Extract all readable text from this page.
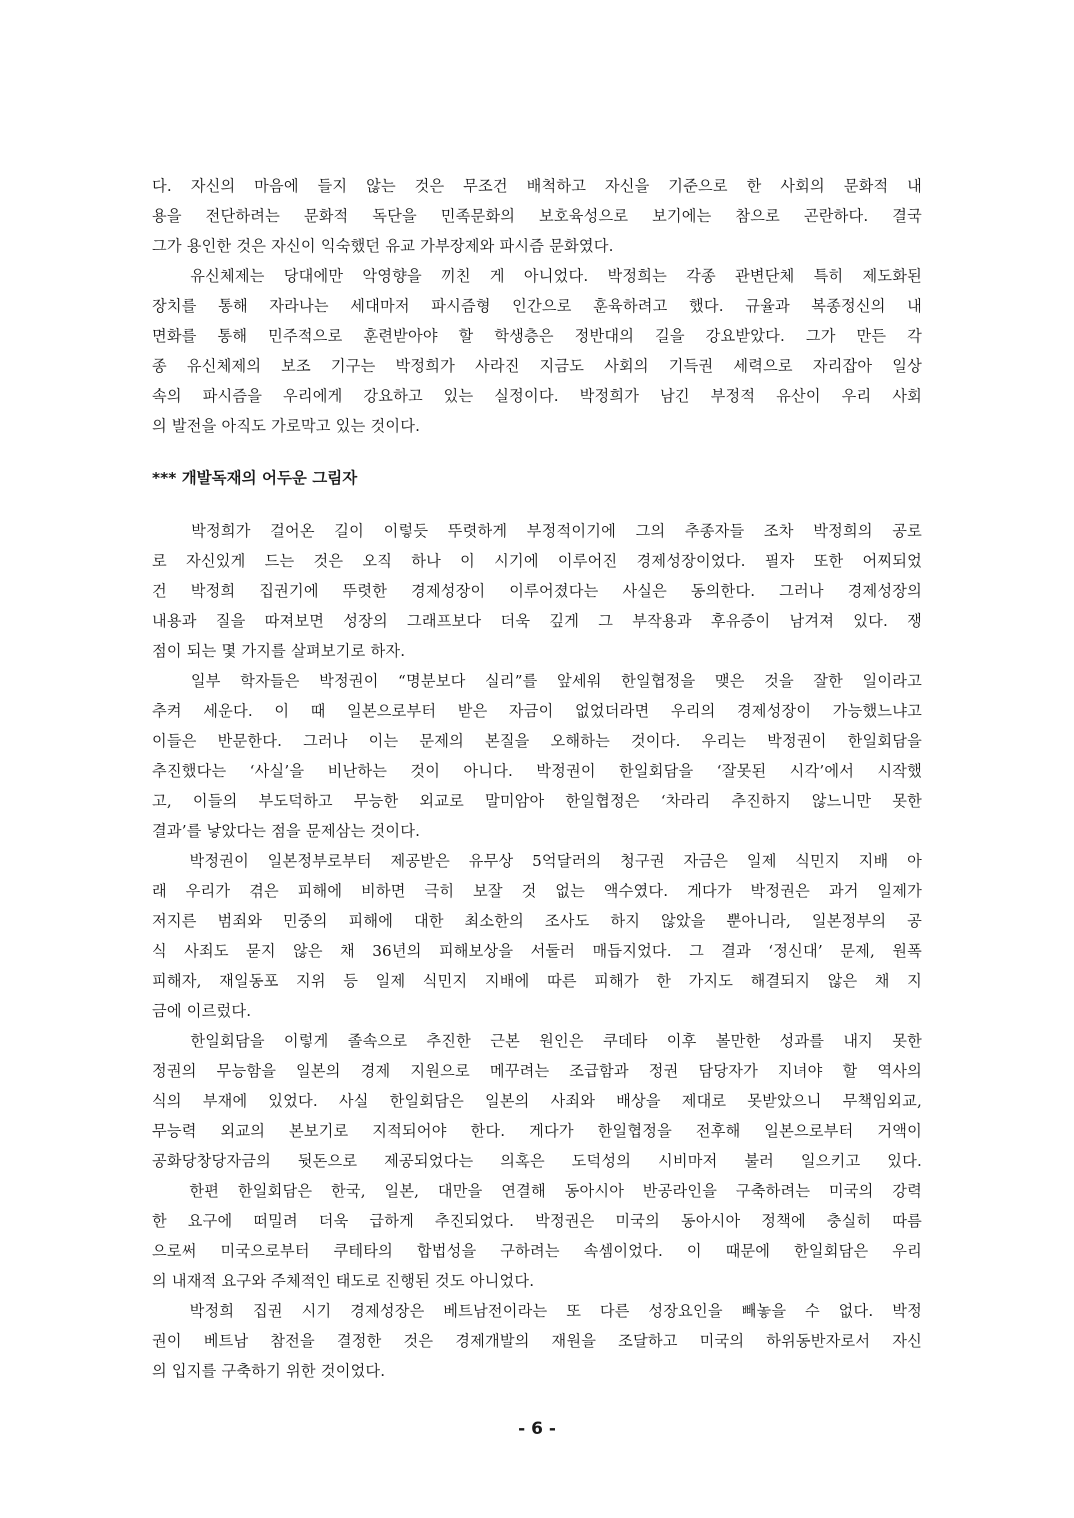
다. 자신의 마음에 들지 않는 것은 무조건 배척하고 자신을 기준으로 한 사회의 문화적 내
용을 전단하려는 문화적 독단을 민족문화의 보호육성으로 보기에는 참으로 곤란하다. 결국
그가 용인한 것은 자신이 익숙했던 유교 가부장제와 파시즘 문화였다.
유신체제는 당대에만 악영향을 끼친 게 아니었다. 박정희는 각종 관변단체 특히 제도화된
장치를 통해 자라나는 세대마저 파시즘형 인간으로 훈육하려고 했다. 규율과 복종정신의 내
면화를 통해 민주적으로 훈련받아야 할 학생층은 정반대의 길을 강요받았다. 그가 만든 각
종 유신체제의 보조 기구는 박정희가 사라진 지금도 사회의 기득권 세력으로 자리잡아 일상
속의 파시즘을 우리에게 강요하고 있는 실정이다. 박정희가 남긴 부정적 유산이 우리 사회
의 발전을 아직도 가로막고 있는 것이다.
*** 개발독재의 어두운 그림자
박정희가 걸어온 길이 이렇듯 뚜렷하게 부정적이기에 그의 추종자들 조차 박정희의 공로
로 자신있게 드는 것은 오직 하나 이 시기에 이루어진 경제성장이었다. 필자 또한 어찌되었
건 박정희 집권기에 뚜렷한 경제성장이 이루어졌다는 사실은 동의한다. 그러나 경제성장의
내용과 질을 따져보면 성장의 그래프보다 더욱 깊게 그 부작용과 후유증이 남겨져 있다. 쟁
점이 되는 몇 가지를 살펴보기로 하자.
일부 학자들은 박정권이 “명분보다 실리”를 앞세워 한일협정을 맺은 것을 잘한 일이라고
추켜 세운다. 이 때 일본으로부터 받은 자금이 없었더라면 우리의 경제성장이 가능했느냐고
이들은 반문한다. 그러나 이는 문제의 본질을 오해하는 것이다. 우리는 박정권이 한일회담을
추진했다는 ‘사실’을 비난하는 것이 아니다. 박정권이 한일회담을 ‘잘못된 시각’에서 시작했
고, 이들의 부도덕하고 무능한 외교로 말미암아 한일협정은 ‘차라리 추진하지 않느니만 못한
결과’를 낳았다는 점을 문제삼는 것이다.
박정권이 일본정부로부터 제공받은 유무상 5억달러의 청구권 자금은 일제 식민지 지배 아
래 우리가 겪은 피해에 비하면 극히 보잘 것 없는 액수였다. 게다가 박정권은 과거 일제가
저지른 범죄와 민중의 피해에 대한 최소한의 조사도 하지 않았을 뿐아니라, 일본정부의 공
식 사죄도 묻지 않은 채 36년의 피해보상을 서둘러 매듭지었다. 그 결과 ‘정신대’ 문제, 원폭
피해자, 재일동포 지위 등 일제 식민지 지배에 따른 피해가 한 가지도 해결되지 않은 채 지
금에 이르렀다.
한일회담을 이렇게 졸속으로 추진한 근본 원인은 쿠데타 이후 볼만한 성과를 내지 못한
정권의 무능함을 일본의 경제 지원으로 메꾸려는 조급함과 정권 담당자가 지녀야 할 역사의
식의 부재에 있었다. 사실 한일회담은 일본의 사죄와 배상을 제대로 못받았으니 무책임외교,
무능력 외교의 본보기로 지적되어야 한다. 게다가 한일협정을 전후해 일본으로부터 거액이
공화당창당자금의 뒷돈으로 제공되었다는 의혹은 도덕성의 시비마저 불러 일으키고 있다.
한편 한일회담은 한국, 일본, 대만을 연결해 동아시아 반공라인을 구축하려는 미국의 강력
한 요구에 떠밀려 더욱 급하게 추진되었다. 박정권은 미국의 동아시아 정책에 충실히 따름
으로써 미국으로부터 쿠테타의 합법성을 구하려는 속셈이었다. 이 때문에 한일회담은 우리
의 내재적 요구와 주체적인 태도로 진행된 것도 아니었다.
박정희 집권 시기 경제성장은 베트남전이라는 또 다른 성장요인을 빼놓을 수 없다. 박정
권이 베트남 참전을 결정한 것은 경제개발의 재원을 조달하고 미국의 하위동반자로서 자신
의 입지를 구축하기 위한 것이었다.
- 6 -
